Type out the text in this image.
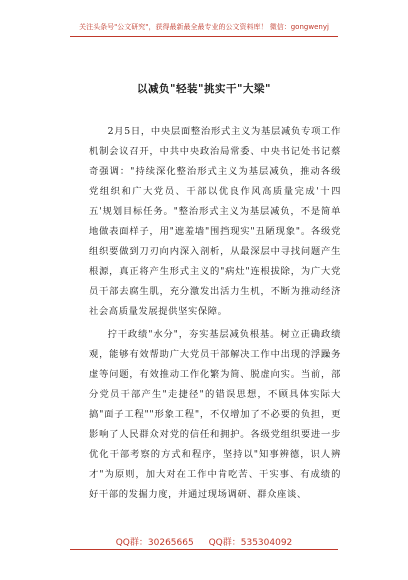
关注头条号"公文研究"，获得最新最全最专业的公文资料库！ 微信：gongwenyj
以减负"轻装"挑实干"大梁"

2月5日，中央层面整治形式主义为基层减负专项工作机制会议召开，中共中央政治局常委、中央书记处书记蔡奇强调："持续深化整治形式主义为基层减负，推动各级党组织和广大党员、干部以优良作风高质量完成'十四五'规划目标任务。"整治形式主义为基层减负，不是简单地做表面样子，用"遮羞墙"围挡现实"丑陋现象"。各级党组织要做到刀刃向内深入剖析，从最深层中寻找问题产生根源，真正将产生形式主义的"病灶"连根拔除，为广大党员干部去腐生肌，充分激发出活力生机，不断为推动经济社会高质量发展提供坚实保障。

拧干政绩"水分"，夯实基层减负根基。树立正确政绩观，能够有效帮助广大党员干部解决工作中出现的浮躁务虚等问题，有效推动工作化繁为简、脱虚向实。当前，部分党员干部产生"走捷径"的错误思想，不顾具体实际大搞"面子工程""形象工程"，不仅增加了不必要的负担，更影响了人民群众对党的信任和拥护。各级党组织要进一步优化干部考察的方式和程序，坚持以"知事辨德，识人辨才"为原则，加大对在工作中肯吃苦、干实事、有成绩的好干部的发掘力度，并通过现场调研、群众座谈、

QQ群：30265665 QQ群：535304092
